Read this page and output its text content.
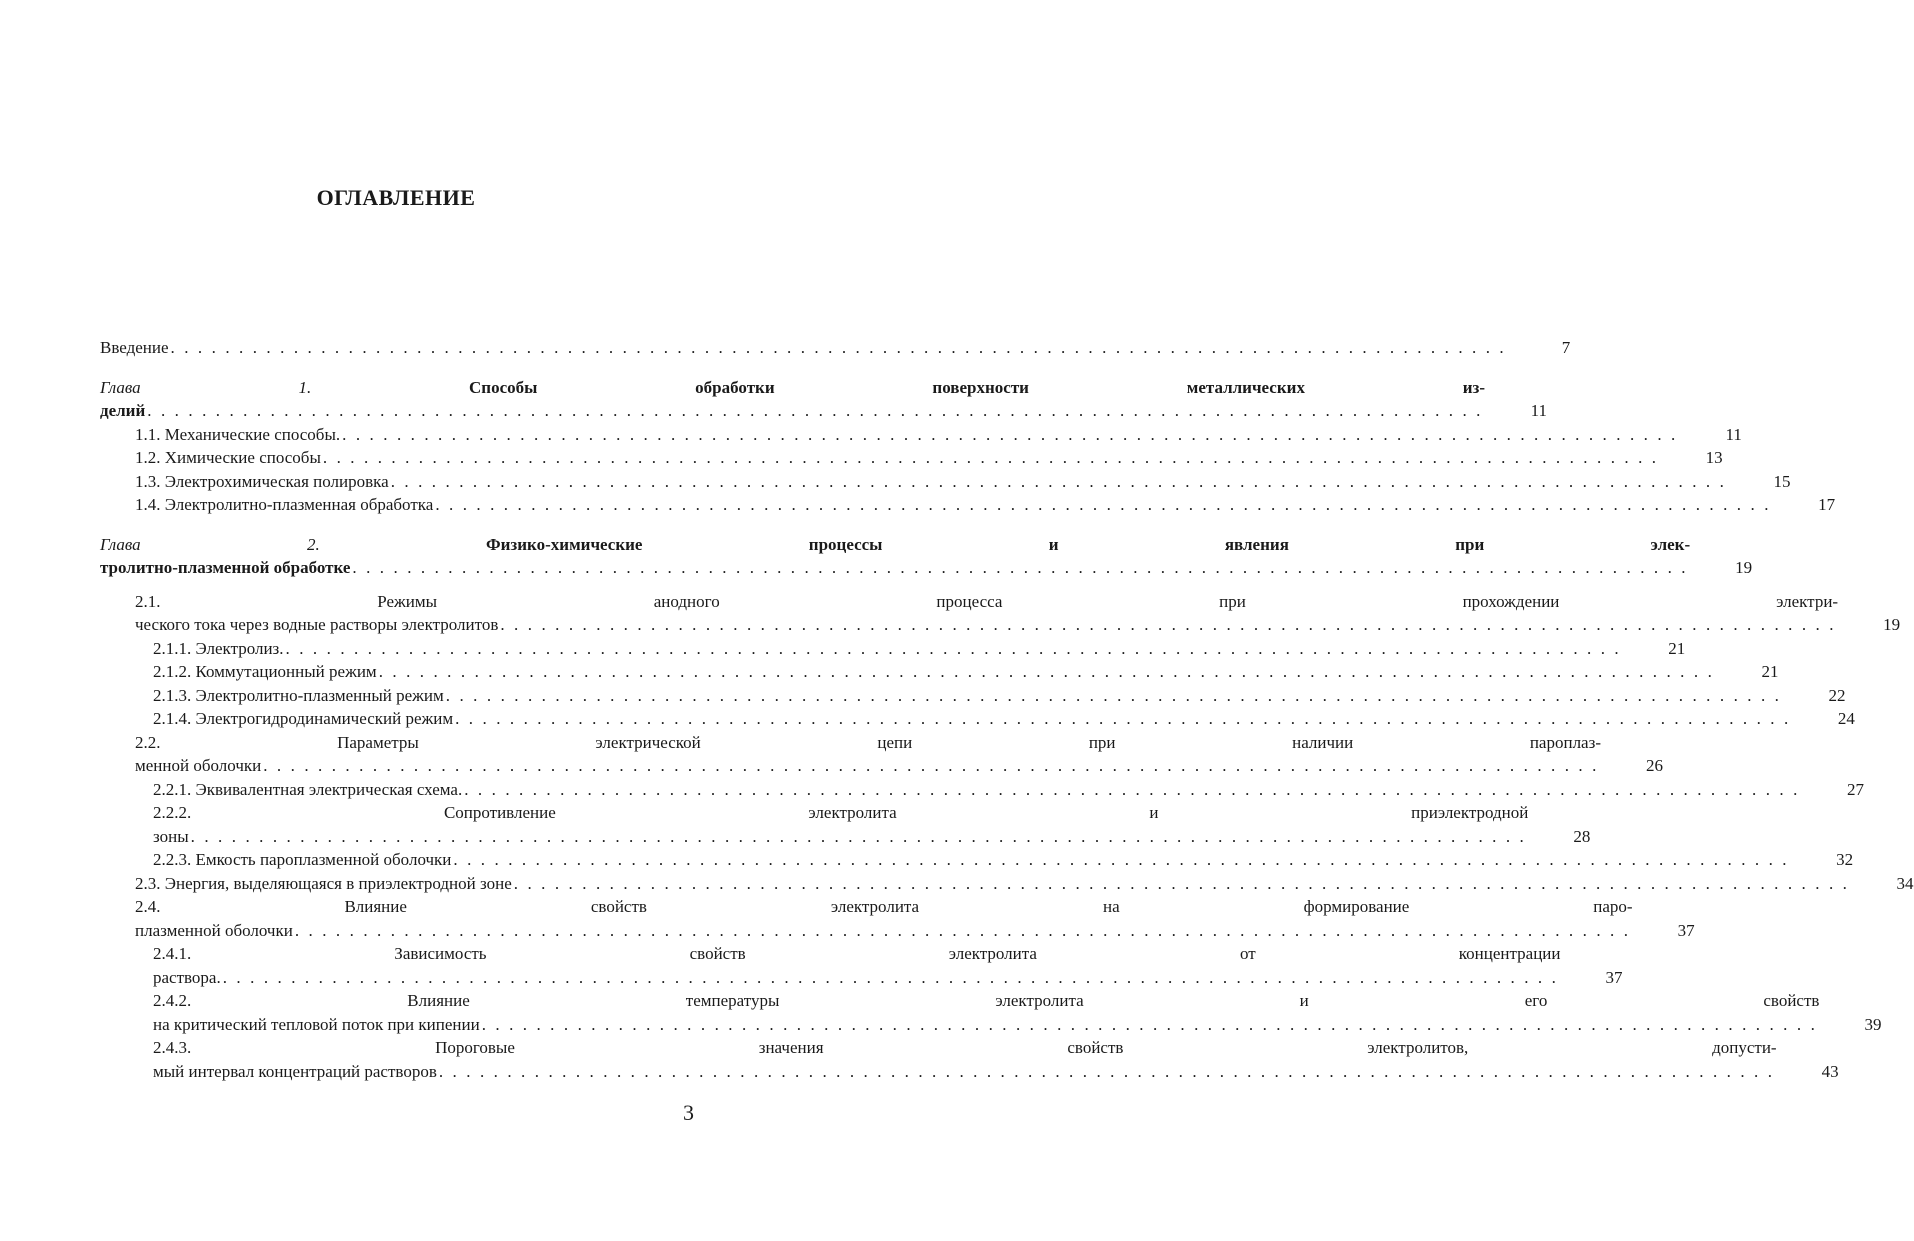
ОГЛАВЛЕНИЕ
Введение . . .	7
Глава 1.	Способы обработки поверхности металлических из-
делий . . .	11
1.1. Механические способы. . . .	11
1.2. Химические способы . . .	13
1.3. Электрохимическая полировка . . .	15
1.4. Электролитно-плазменная обработка . . .	17
Глава 2.	Физико-химические процессы и явления при элек-
тролитно-плазменной обработке . . .	19
2.1. Режимы анодного процесса при прохождении электри-
ческого тока через водные растворы электролитов . . .	19
2.1.1. Электролиз. . . .	21
2.1.2. Коммутационный режим . . .	21
2.1.3. Электролитно-плазменный режим . . .	22
2.1.4. Электрогидродинамический режим . . .	24
2.2. Параметры электрической цепи при наличии пароплаз-
менной оболочки . . .	26
2.2.1. Эквивалентная электрическая схема. . . .	27
2.2.2. Сопротивление электролита и приэлектродной
зоны . . .	28
2.2.3. Емкость пароплазменной оболочки . . .	32
2.3. Энергия, выделяющаяся в приэлектродной зоне . . .	34
2.4. Влияние свойств электролита на формирование паро-
плазменной оболочки . . .	37
2.4.1. Зависимость свойств электролита от концентрации
раствора. . . .	37
2.4.2. Влияние температуры электролита и его свойств
на критический тепловой поток при кипении . . .	39
2.4.3. Пороговые значения свойств электролитов, допусти-
мый интервал концентраций растворов . . .	43
3
